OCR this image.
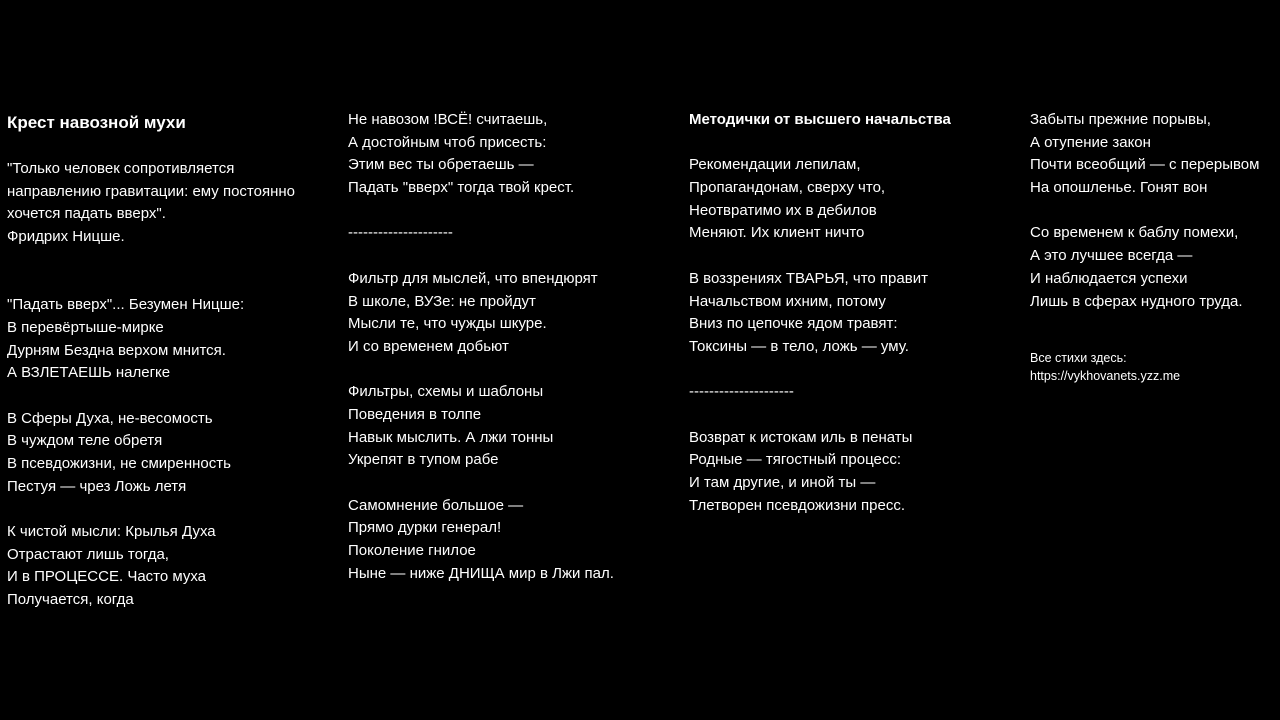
Крест навозной мухи
"Только человек сопротивляется
направлению гравитации: ему постоянно
хочется падать вверх".
Фридрих Ницше.
"Падать вверх"... Безумен Ницше:
В перевёртыше-мирке
Дурням Бездна верхом мнится.
А ВЗЛЕТАЕШЬ налегке
В Сферы Духа, не-весомость
В чуждом теле обретя
В псевдожизни, не смиренность
Пестуя — чрез Ложь летя
К чистой мысли: Крылья Духа
Отрастают лишь тогда,
И в ПРОЦЕССЕ. Часто муха
Получается, когда
Не навозом !ВСЁ! считаешь,
А достойным чтоб присесть:
Этим вес ты обретаешь —
Падать "вверх" тогда твой крест.
---------------------
Фильтр для мыслей, что впендюрят
В школе, ВУЗе: не пройдут
Мысли те, что чужды шкуре.
И со временем добьют
Фильтры, схемы и шаблоны
Поведения в толпе
Навык мыслить. А лжи тонны
Укрепят в тупом рабе
Самомнение большое —
Прямо дурки генерал!
Поколение гнилое
Ныне — ниже ДНИЩА мир в Лжи пал.
Методички от высшего начальства
Рекомендации лепилам,
Пропагандонам, сверху что,
Неотвратимо их в дебилов
Меняют. Их клиент ничто
В воззрениях ТВАРЬЯ, что правит
Начальством ихним, потому
Вниз по цепочке ядом травят:
Токсины — в тело, ложь — уму.
---------------------
Возврат к истокам иль в пенаты
Родные — тягостный процесс:
И там другие, и иной ты —
Тлетворен псевдожизни пресс.
Забыты прежние порывы,
А отупение закон
Почти всеобщий — с перерывом
На опошленье. Гонят вон
Со временем к баблу помехи,
А это лучшее всегда —
И наблюдается успехи
Лишь в сферах нудного труда.
Все стихи здесь:
https://vykhovanets.yzz.me
